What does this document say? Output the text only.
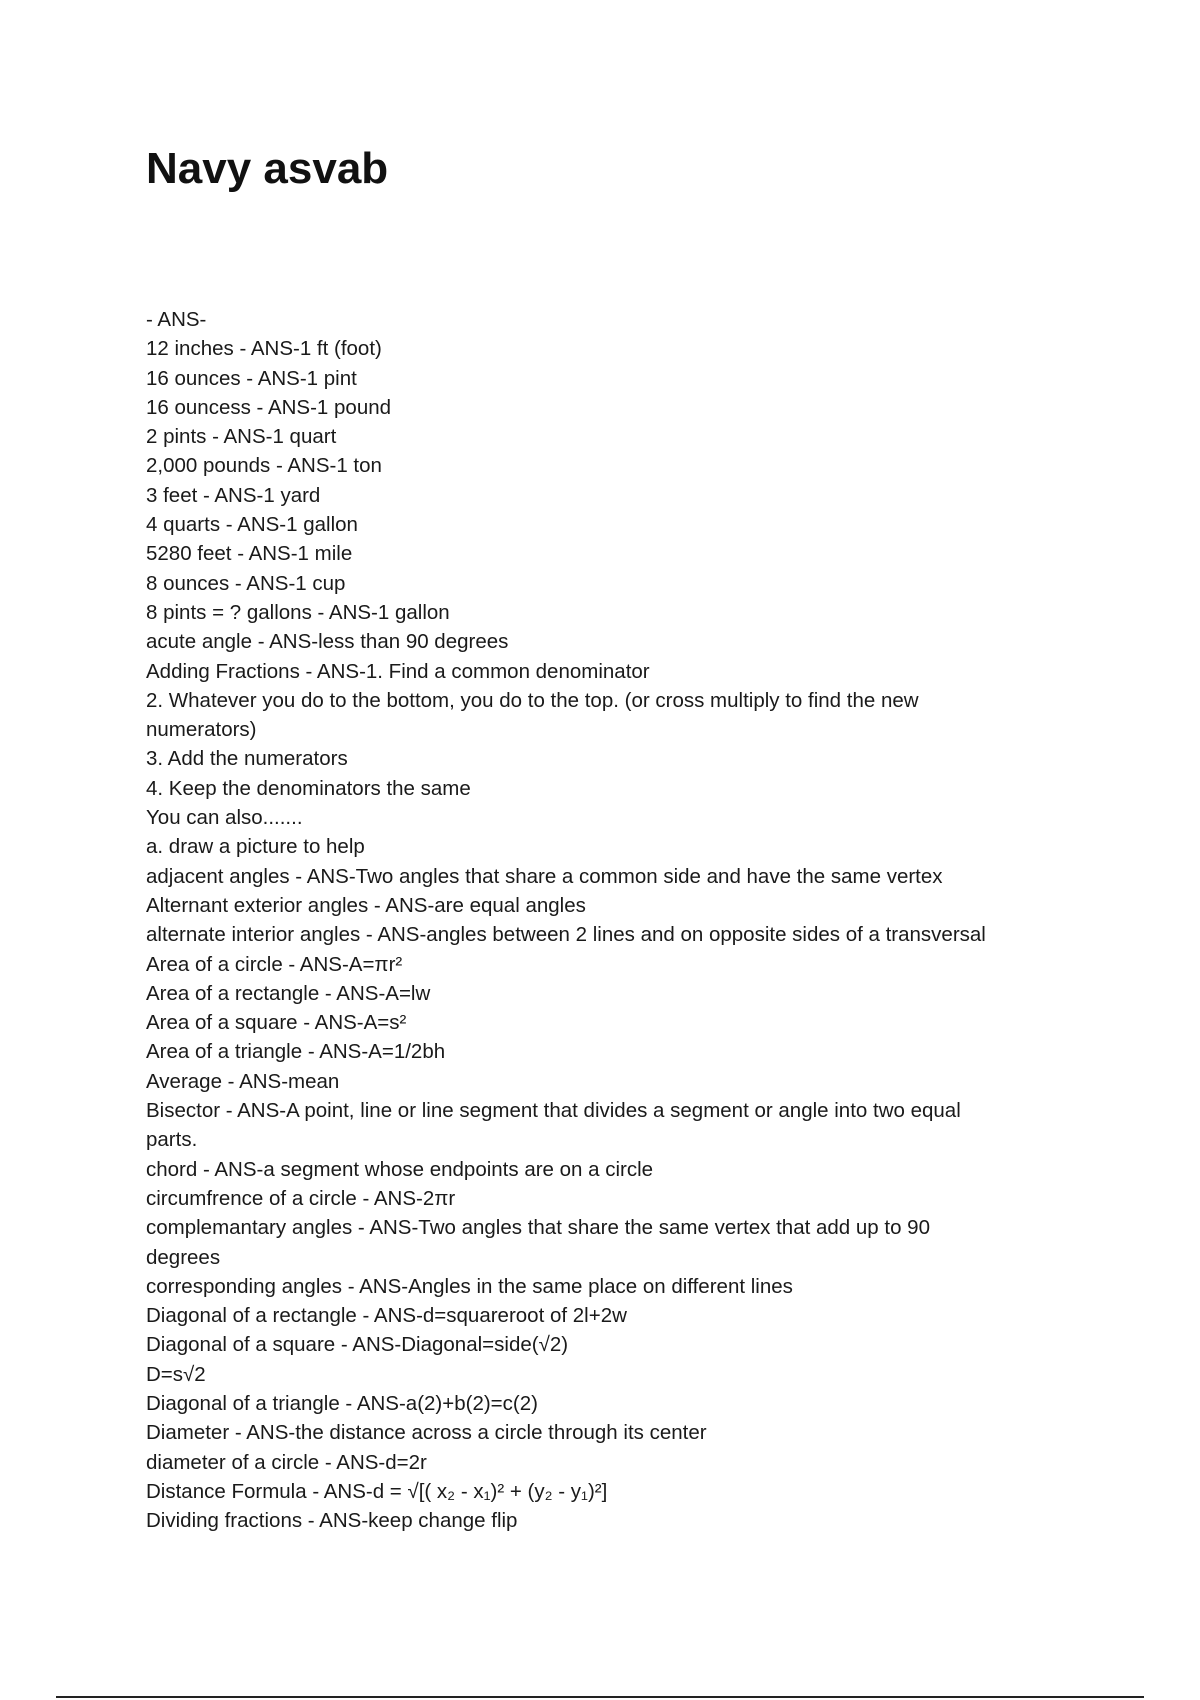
Navy asvab
- ANS-
12 inches - ANS-1 ft (foot)
16 ounces - ANS-1 pint
16 ouncess - ANS-1 pound
2 pints - ANS-1 quart
2,000 pounds - ANS-1 ton
3 feet - ANS-1 yard
4 quarts - ANS-1 gallon
5280 feet - ANS-1 mile
8 ounces - ANS-1 cup
8 pints = ? gallons - ANS-1 gallon
acute angle - ANS-less than 90 degrees
Adding Fractions - ANS-1. Find a common denominator
2. Whatever you do to the bottom, you do to the top. (or cross multiply to find the new
numerators)
3. Add the numerators
4. Keep the denominators the same
You can also.......
a. draw a picture to help
adjacent angles - ANS-Two angles that share a common side and have the same vertex
Alternant exterior angles - ANS-are equal angles
alternate interior angles - ANS-angles between 2 lines and on opposite sides of a transversal
Area of a circle - ANS-A=πr²
Area of a rectangle - ANS-A=lw
Area of a square - ANS-A=s²
Area of a triangle - ANS-A=1/2bh
Average - ANS-mean
Bisector - ANS-A point, line or line segment that divides a segment or angle into two equal
parts.
chord - ANS-a segment whose endpoints are on a circle
circumfrence of a circle - ANS-2πr
complemantary angles - ANS-Two angles that share the same vertex that add up to 90
degrees
corresponding angles - ANS-Angles in the same place on different lines
Diagonal of a rectangle - ANS-d=squareroot of 2l+2w
Diagonal of a square - ANS-Diagonal=side(√2)
D=s√2
Diagonal of a triangle - ANS-a(2)+b(2)=c(2)
Diameter - ANS-the distance across a circle through its center
diameter of a circle - ANS-d=2r
Distance Formula - ANS-d = √[( x₂ - x₁)² + (y₂ - y₁)²]
Dividing fractions - ANS-keep change flip
